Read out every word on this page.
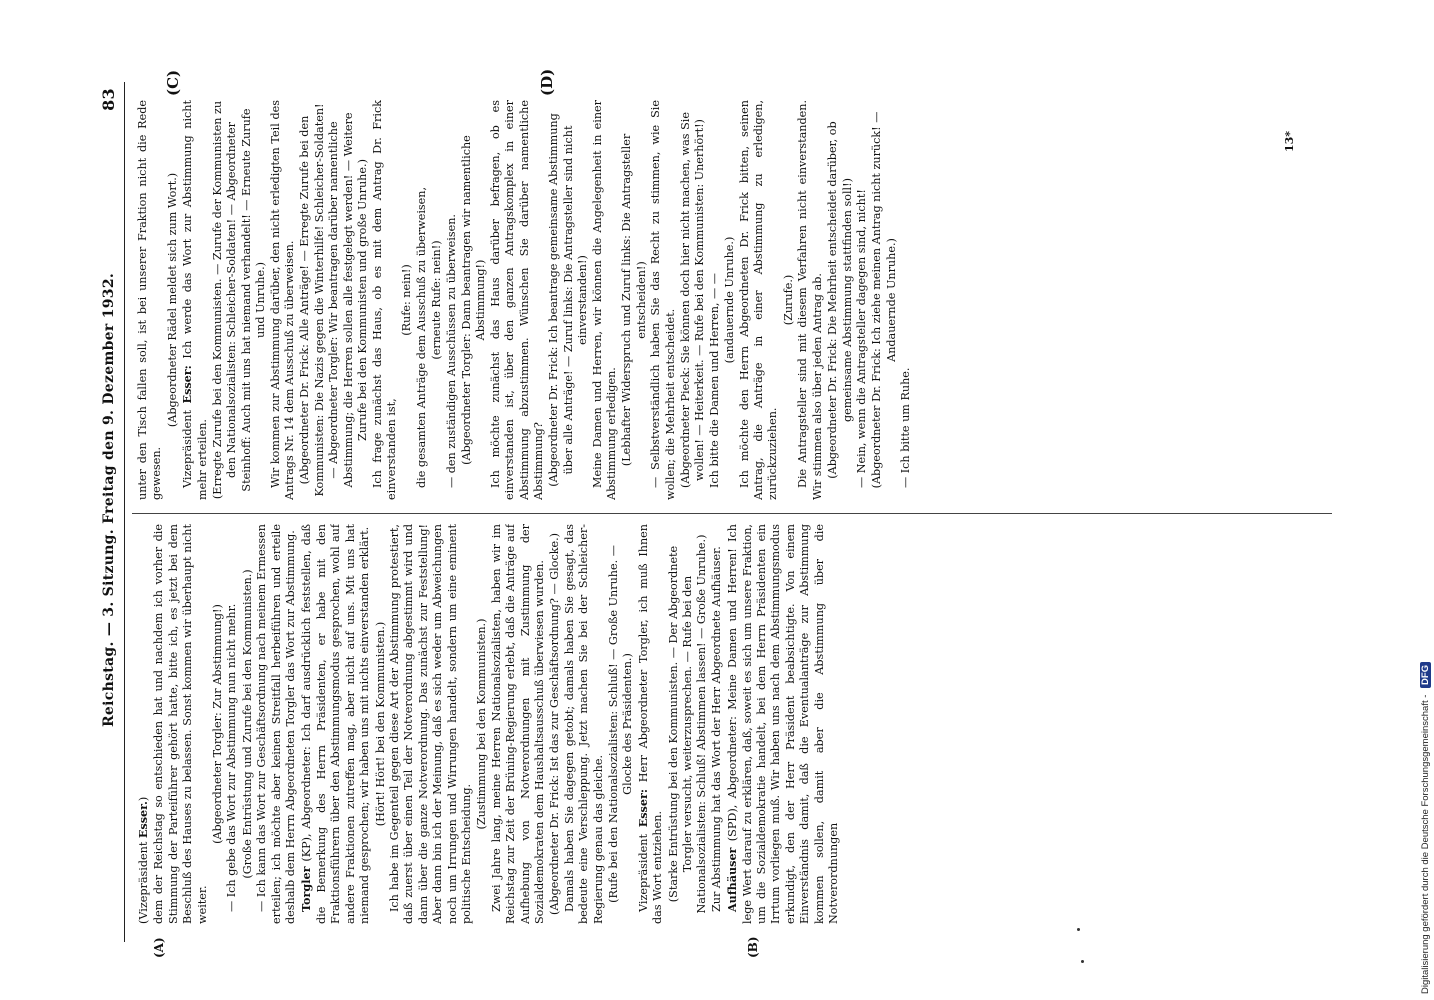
Reichstag. — 3. Sitzung. Freitag den 9. Dezember 1932.
83
(A)	(B)
(C)	(D)

(Vizepräsident Esser.) dem der Reichstag so entschieden hat und nachdem ich vorher die Stimmung der Parteiführer gehört hatte, bitte ich, es jetzt bei dem Beschluß des Hauses zu belassen. Sonst kommen wir überhaupt nicht weiter.

(Abgeordneter Torgler: Zur Abstimmung!) — Ich gebe das Wort zur Abstimmung nun nicht mehr. (Große Entrüstung und Zurufe bei den Kommunisten.) — Ich kann das Wort zur Geschäftsordnung nach meinem Ermessen erteilen; ich möchte aber keinen Streitfall herbeiführen und erteile deshalb dem Herrn Abgeordneten Torgler das Wort zur Abstimmung. Torgler (KP), Abgeordneter: Ich darf ausdrücklich feststellen, daß die Bemerkung des Herrn Präsidenten, er habe mit den Fraktionsführern über den Abstimmungsmodus gesprochen, wohl auf andere Fraktionen zutreffen mag, aber nicht auf uns. Mit uns hat niemand gesprochen; wir haben uns mit nichts einverstanden erklärt. (Hört! Hört! bei den Kommunisten.) Ich habe im Gegenteil gegen diese Art der Abstimmung protestiert, daß zuerst über einen Teil der Notverordnung abgestimmt wird und dann über die ganze Notverordnung. Das zunächst zur Feststellung! Aber dann bin ich der Meinung, daß es sich weder um Abweichungen noch um Irrungen und Wirrungen handelt, sondern um eine eminent politische Entscheidung.

(Zustimmung bei den Kommunisten.) Zwei Jahre lang, meine Herren Nationalsozialisten, haben wir im Reichstag zur Zeit der Brüning-Regierung erlebt, daß die Anträge auf Aufhebung von Notverordnungen mit Zustimmung der Sozialdemokraten dem Haushaltsausschuß überwiesen wurden. (Abgeordneter Dr. Frick: Ist das zur Geschäftsordnung? — Glocke.) Damals haben Sie dagegen getobt; damals haben Sie gesagt, das bedeute eine Verschleppung. Jetzt machen Sie bei der Schleicher-Regierung genau das gleiche. (Rufe bei den Nationalsozialisten: Schluß! — Große Unruhe. — Glocke des Präsidenten.)

Vizepräsident Esser: Herr Abgeordneter Torgler, ich muß Ihnen das Wort entziehen. (Starke Entrüstung bei den Kommunisten. — Der Abgeordnete Torgler versucht, weiterzusprechen. — Rufe bei den Nationalsozialisten: Schluß! Abstimmen lassen! — Große Unruhe.) Zur Abstimmung hat das Wort der Herr Abgeordnete Aufhäuser. Aufhäuser (SPD), Abgeordneter: Meine Damen und Herren! Ich lege Wert darauf zu erklären, daß, soweit es sich um unsere Fraktion, um die Sozialdemokratie handelt, bei dem Herrn Präsidenten ein Irrtum vorliegen muß. Wir haben uns nach dem Abstimmungsmodus erkundigt, den der Herr Präsident beabsichtigte. Von einem Einverständnis damit, daß die Eventualanträge zur Abstimmung kommen sollen, damit aber die Abstimmung über die Notverordnungen

unter den Tisch fallen soll, ist bei unserer Fraktion nicht die Rede gewesen.

(Abgeordneter Rädel meldet sich zum Wort.)

Vizepräsident Esser: Ich werde das Wort zur Abstimmung nicht mehr erteilen. (Erregte Zurufe bei den Kommunisten. — Zurufe der Kommunisten zu den Nationalsozialisten: Schleicher-Soldaten! — Abgeordneter Steinhoff: Auch mit uns hat niemand verhandelt! — Erneute Zurufe und Unruhe.) Wir kommen zur Abstimmung darüber, den nicht erledigten Teil des Antrags Nr. 14 dem Ausschuß zu überweisen. (Abgeordneter Dr. Frick: Alle Anträge! — Erregte Zurufe bei den Kommunisten: Die Nazis gegen die Winterhilfe! Schleicher-Soldaten! — Abgeordneter Torgler: Wir beantragen darüber namentliche Abstimmung; die Herren sollen alle festgelegt werden! — Weitere Zurufe bei den Kommunisten und große Unruhe.) Ich frage zunächst das Haus, ob es mit dem Antrag Dr. Frick einverstanden ist,

(Rufe: nein!) die gesamten Anträge dem Ausschuß zu überweisen, (erneute Rufe: nein!) — den zuständigen Ausschüssen zu überweisen. (Abgeordneter Torgler: Dann beantragen wir namentliche Abstimmung!) Ich möchte zunächst das Haus darüber befragen, ob es einverstanden ist, über den ganzen Antragskomplex in einer Abstimmung abzustimmen. Wünschen Sie darüber namentliche Abstimmung? (Abgeordneter Dr. Frick: Ich beantrage gemeinsame Abstimmung über alle Anträge! — Zuruf links: Die Antragsteller sind nicht einverstanden!) Meine Damen und Herren, wir können die Angelegenheit in einer Abstimmung erledigen. (Lebhafter Widerspruch und Zuruf links: Die Antragsteller entscheiden!) — Selbstverständlich haben Sie das Recht zu stimmen, wie Sie wollen; die Mehrheit entscheidet. (Abgeordneter Pieck: Sie können doch hier nicht machen, was Sie wollen! — Heiterkeit. — Rufe bei den Kommunisten: Unerhört!) Ich bitte die Damen und Herren, — — (andauernde Unruhe.) Ich möchte den Herrn Abgeordneten Dr. Frick bitten, seinen Antrag, die Anträge in einer Abstimmung zu erledigen, zurückzuziehen.

(Zurufe.) Die Antragsteller sind mit diesem Verfahren nicht einverstanden. Wir stimmen also über jeden Antrag ab. (Abgeordneter Dr. Frick: Die Mehrheit entscheidet darüber, ob gemeinsame Abstimmung stattfinden soll!) — Nein, wenn die Antragsteller dagegen sind, nicht! (Abgeordneter Dr. Frick: Ich ziehe meinen Antrag nicht zurück! — Andauernde Unruhe.)

— Ich bitte um Ruhe.

13*
Digitalisierung gefördert durch die Deutsche Forschungsgemeinschaft - DFG
